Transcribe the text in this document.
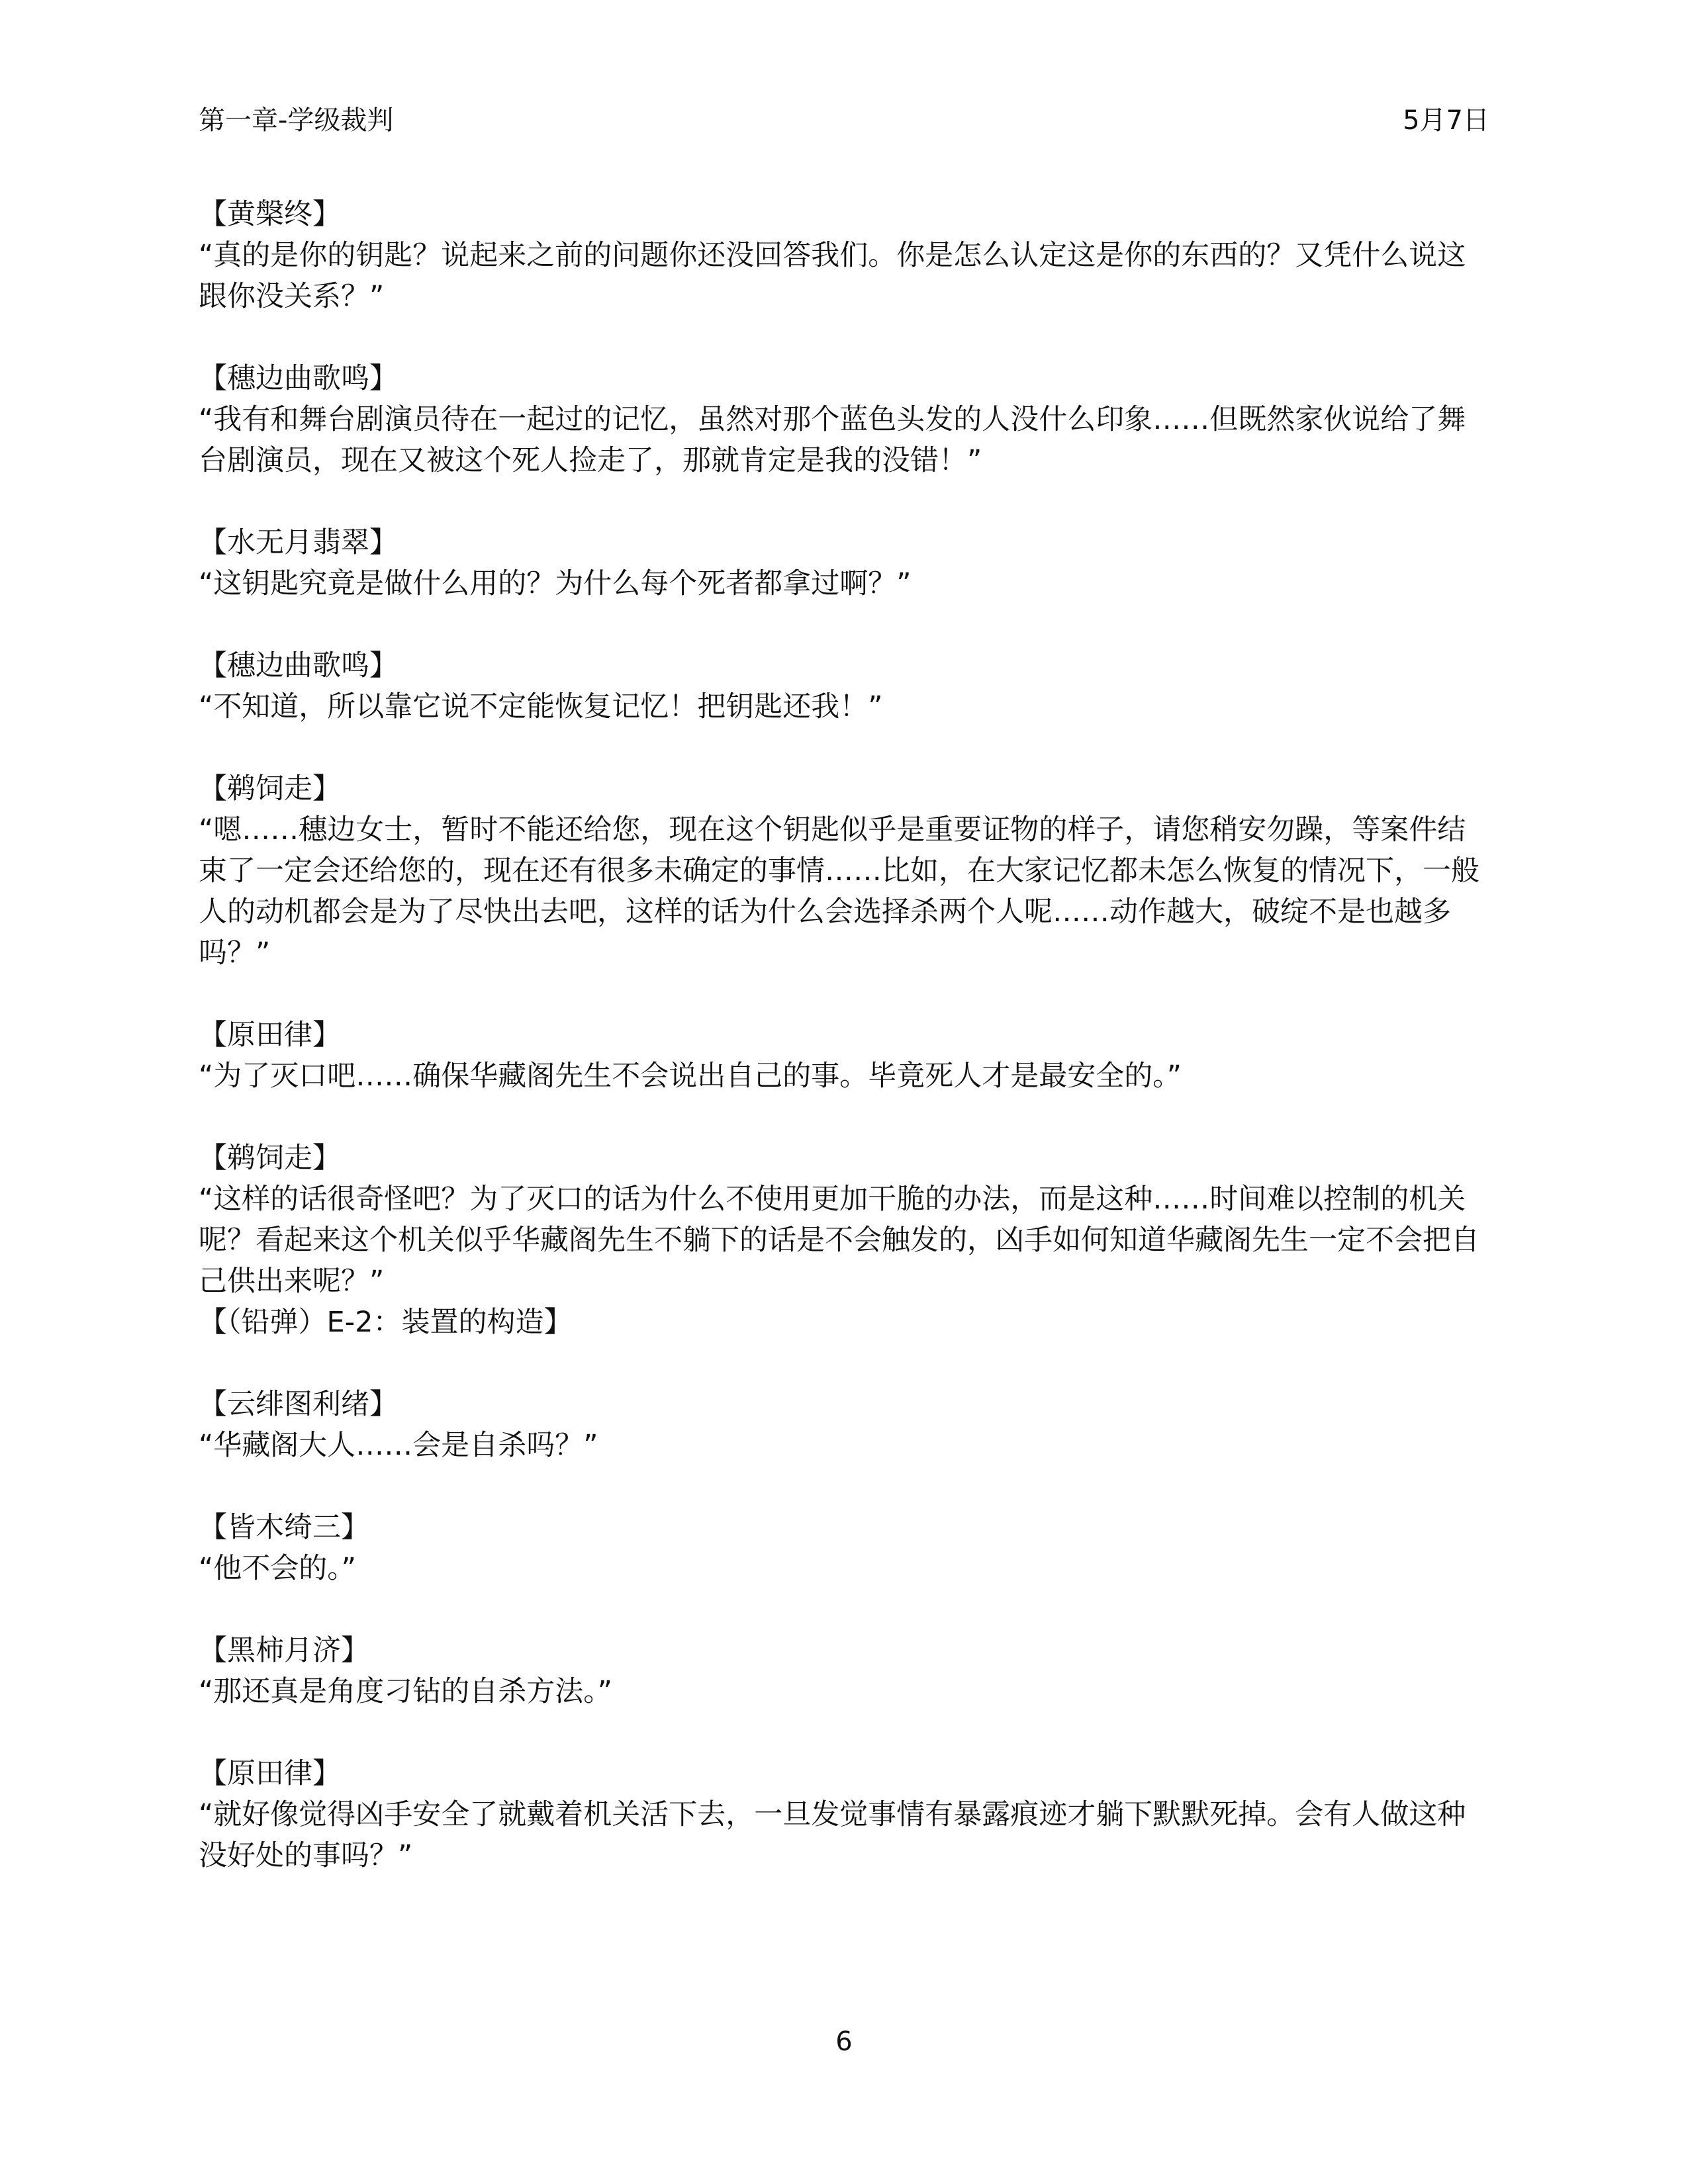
第一章-学级裁判	5月7日
【黄槃终】
“真的是你的钥匙？说起来之前的问题你还没回答我们。你是怎么认定这是你的东西的？又凭什么说这跟你没关系？”
【穗边曲歌鸣】
“我有和舞台剧演员待在一起过的记忆，虽然对那个蓝色头发的人没什么印象……但既然家伙说给了舞台剧演员，现在又被这个死人捡走了，那就肯定是我的没错！”
【水无月翡翠】
“这钥匙究竟是做什么用的？为什么每个死者都拿过啊？”
【穗边曲歌鸣】
“不知道，所以靠它说不定能恢复记忆！把钥匙还我！”
【鹈饲走】
“嗯……穗边女士，暂时不能还给您，现在这个钥匙似乎是重要证物的样子，请您稍安勿躁，等案件结束了一定会还给您的，现在还有很多未确定的事情……比如，在大家记忆都未怎么恢复的情况下，一般人的动机都会是为了尽快出去吧，这样的话为什么会选择杀两个人呢……动作越大，破绽不是也越多吗？”
【原田律】
“为了灭口吧……确保华藏阁先生不会说出自己的事。毕竟死人才是最安全的。”
【鹈饲走】
“这样的话很奇怪吧？为了灭口的话为什么不使用更加干脆的办法，而是这种……时间难以控制的机关呢？看起来这个机关似乎华藏阁先生不躺下的话是不会触发的，凶手如何知道华藏阁先生一定不会把自己供出来呢？”
【（铅弹）E-2：装置的构造】
【云绯图利绪】
“华藏阁大人……会是自杀吗？”
【皆木绮三】
“他不会的。”
【黑柿月济】
“那还真是角度刁钻的自杀方法。”
【原田律】
“就好像觉得凶手安全了就戴着机关活下去，一旦发觉事情有暴露痕迹才躺下默默死掉。会有人做这种没好处的事吗？”
6
